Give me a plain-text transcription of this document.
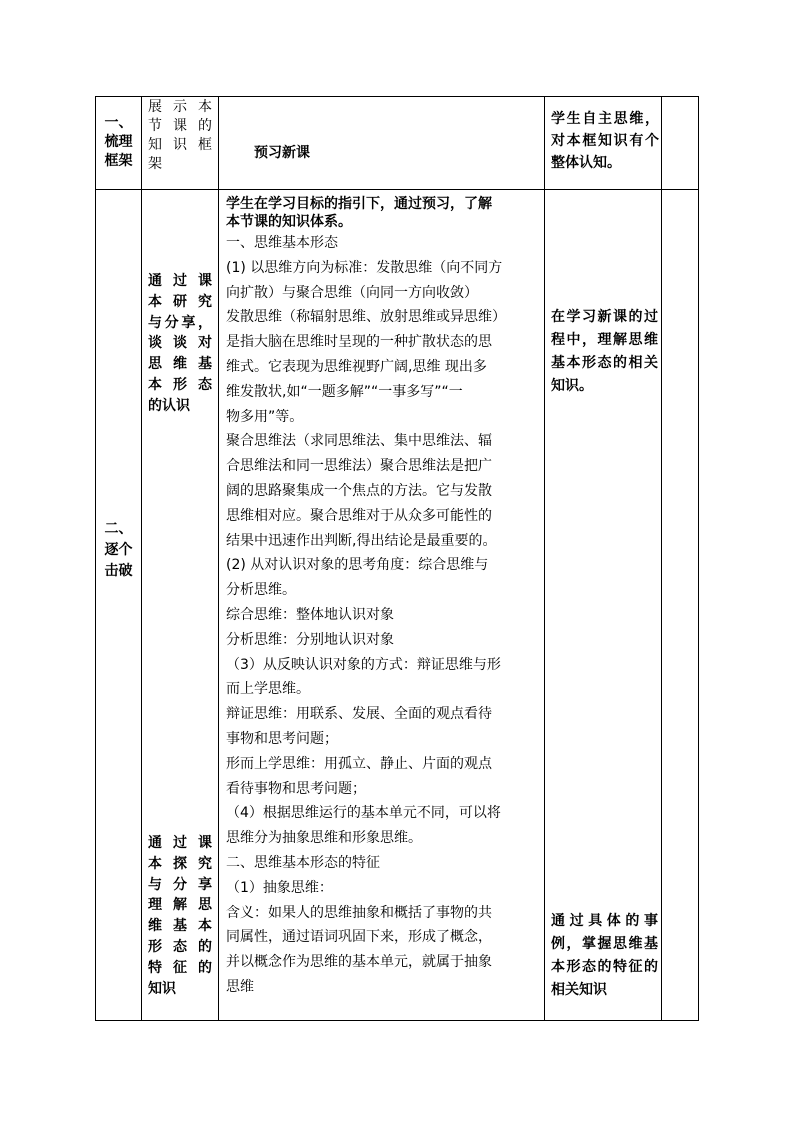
一、
梳理
框架
展示本
节课的
知识框
架
预习新课
学生自主思维，对本框知识有个整体认知。
二、
逐个
击破
通过课
本研究
与分享，
谈谈对
思维基
本形态
的认识
通过课
本探究
与分享
理解思
维基本
形态的
特征的
知识
学生在学习目标的指引下，通过预习，了解
本节课的知识体系。
一、思维基本形态
(1) 以思维方向为标准：发散思维（向不同方
向扩散）与聚合思维（向同一方向收敛）
发散思维（称辐射思维、放射思维或异思维）
是指大脑在思维时呈现的一种扩散状态的思
维式。它表现为思维视野广阔,思维 现出多
维发散状,如“一题多解”“一事多写”“一
物多用”等。
聚合思维法（求同思维法、集中思维法、辐
合思维法和同一思维法）聚合思维法是把广
阔的思路聚集成一个焦点的方法。它与发散
思维相对应。聚合思维对于从众多可能性的
结果中迅速作出判断,得出结论是最重要的。
(2) 从对认识对象的思考角度：综合思维与
分析思维。
综合思维：整体地认识对象
分析思维：分别地认识对象
（3）从反映认识对象的方式：辩证思维与形
而上学思维。
辩证思维：用联系、发展、全面的观点看待
事物和思考问题；
形而上学思维：用孤立、静止、片面的观点
看待事物和思考问题；
（4）根据思维运行的基本单元不同，可以将
思维分为抽象思维和形象思维。
二、思维基本形态的特征
（1）抽象思维：
含义：如果人的思维抽象和概括了事物的共
同属性，通过语词巩固下来，形成了概念，
并以概念作为思维的基本单元，就属于抽象
思维
在学习新课的过程中，理解思维基本形态的相关知识。
通过具体的事例，掌握思维基本形态的特征的相关知识
